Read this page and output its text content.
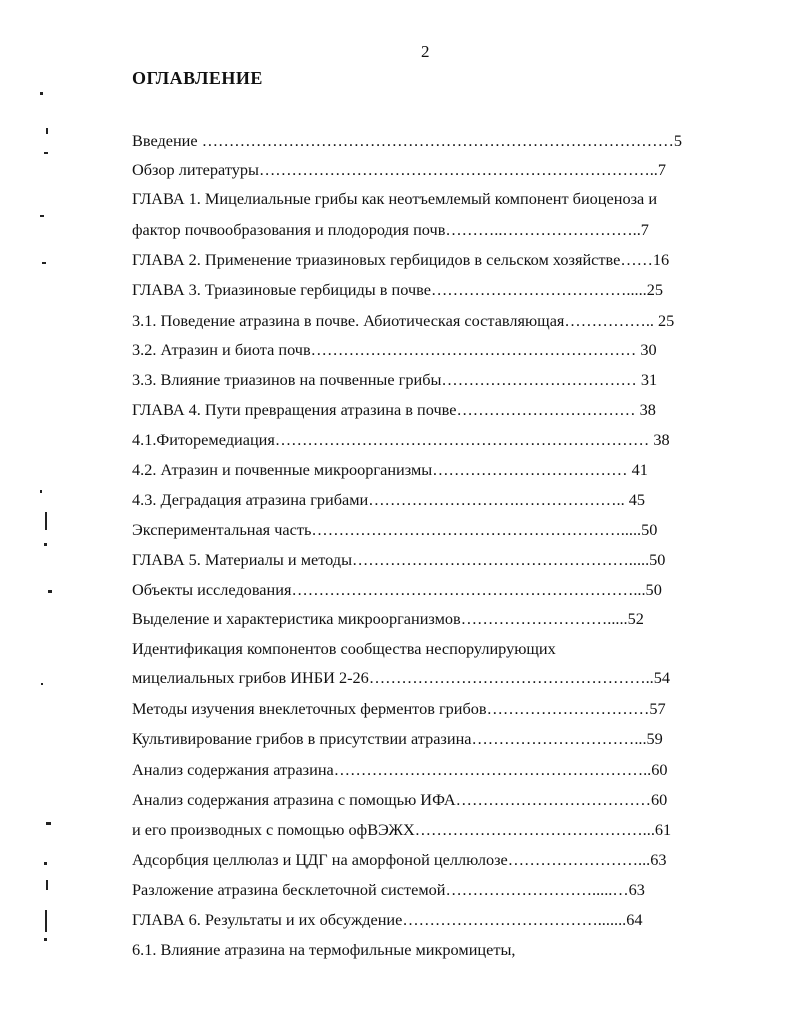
2
ОГЛАВЛЕНИЕ
Введение ……………………………………………………………………………5
Обзор литературы………………………………………………………………..7
ГЛАВА 1. Мицелиальные грибы как неотъемлемый компонент биоценоза и
фактор почвообразования и плодородия почв………..……………………..7
ГЛАВА 2. Применение триазиновых гербицидов в сельском хозяйстве……16
ГЛАВА 3. Триазиновые гербициды в почве……………………………….....25
3.1. Поведение атразина в почве. Абиотическая составляющая…………….. 25
3.2. Атразин и биота почв…………………………………………………… 30
3.3. Влияние триазинов на почвенные грибы……………………………… 31
ГЛАВА 4. Пути превращения атразина в почве…………………………… 38
4.1.Фиторемедиация…………………………………………………………… 38
4.2. Атразин и почвенные микроорганизмы……………………………… 41
4.3. Деградация атразина грибами……………………….……………….. 45
Экспериментальная часть………………………………………………….....50
ГЛАВА 5. Материалы и методы…………………………………………….....50
Объекты исследования………………………………………………………...50
Выделение и характеристика микроорганизмов……………………….....52
Идентификация компонентов сообщества неспорулирующих
мицелиальных грибов ИНБИ 2-26……………………………………………..54
Методы изучения внеклеточных ферментов грибов…………………………57
Культивирование грибов в присутствии атразина…………………………...59
Анализ содержания атразина…………………………………………………..60
Анализ содержания атразина с помощью ИФА………………………………60
и его производных с помощью офВЭЖХ……………………………………...61
Адсорбция целлюлаз и ЦДГ на аморфоной целлюлозе……………………...63
Разложение атразина бесклеточной системой……………………….....…63
ГЛАВА 6. Результаты и их обсуждение……………………………….......64
6.1. Влияние атразина на термофильные микромицеты,
